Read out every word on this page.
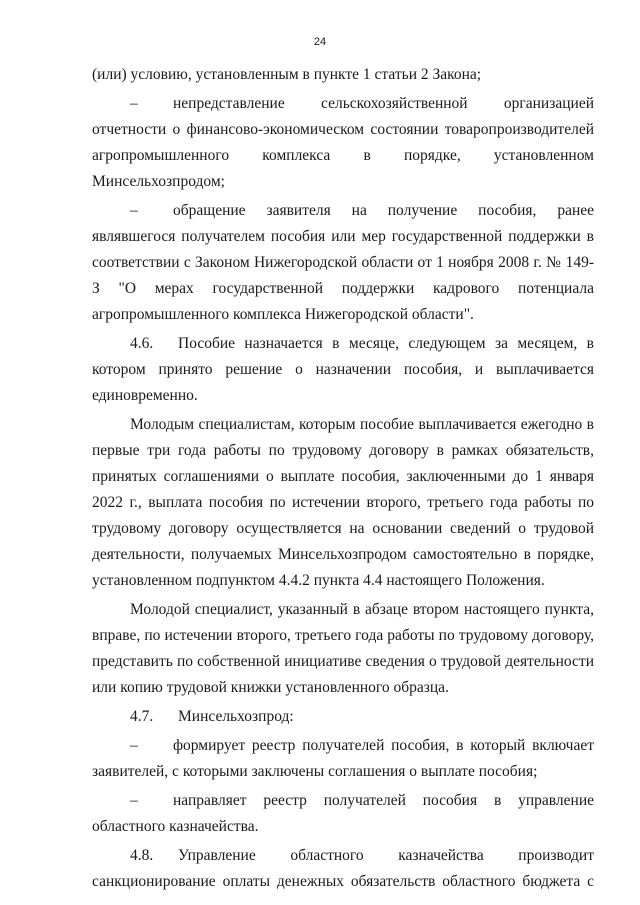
24

(или) условию, установленным в пункте 1 статьи 2 Закона;

– непредставление сельскохозяйственной организацией отчетности о финансово-экономическом состоянии товаропроизводителей агропромышленного комплекса в порядке, установленном Минсельхозпродом;

– обращение заявителя на получение пособия, ранее являвшегося получателем пособия или мер государственной поддержки в соответствии с Законом Нижегородской области от 1 ноября 2008 г. № 149-З "О мерах государственной поддержки кадрового потенциала агропромышленного комплекса Нижегородской области".

4.6. Пособие назначается в месяце, следующем за месяцем, в котором принято решение о назначении пособия, и выплачивается единовременно.

Молодым специалистам, которым пособие выплачивается ежегодно в первые три года работы по трудовому договору в рамках обязательств, принятых соглашениями о выплате пособия, заключенными до 1 января 2022 г., выплата пособия по истечении второго, третьего года работы по трудовому договору осуществляется на основании сведений о трудовой деятельности, получаемых Минсельхозпродом самостоятельно в порядке, установленном подпунктом 4.4.2 пункта 4.4 настоящего Положения.

Молодой специалист, указанный в абзаце втором настоящего пункта, вправе, по истечении второго, третьего года работы по трудовому договору, представить по собственной инициативе сведения о трудовой деятельности или копию трудовой книжки установленного образца.

4.7. Минсельхозпрод:

– формирует реестр получателей пособия, в который включает заявителей, с которыми заключены соглашения о выплате пособия;

– направляет реестр получателей пособия в управление областного казначейства.

4.8. Управление областного казначейства производит санкционирование оплаты денежных обязательств областного бюджета с
